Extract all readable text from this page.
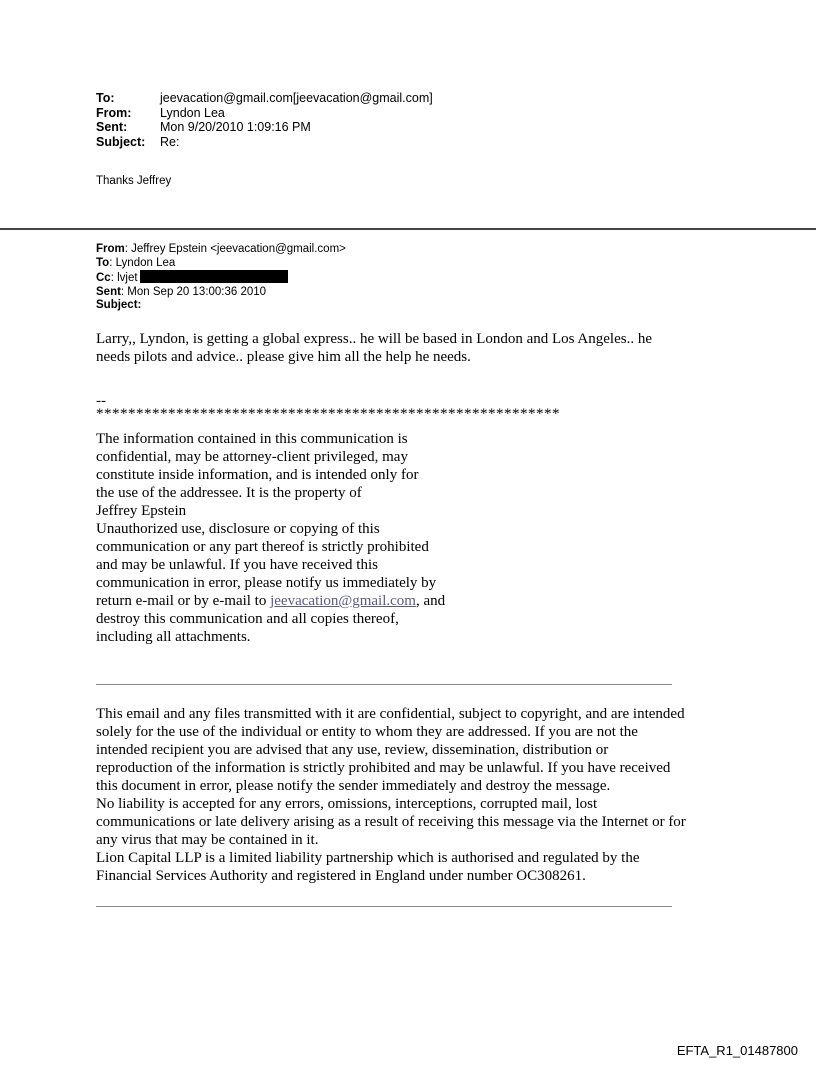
To:	jeevacation@gmail.com[jeevacation@gmail.com]
From:	Lyndon Lea
Sent:	Mon 9/20/2010 1:09:16 PM
Subject:	Re:
Thanks Jeffrey
From: Jeffrey Epstein <jeevacation@gmail.com>
To: Lyndon Lea
Cc: lvjet
Sent: Mon Sep 20 13:00:36 2010
Subject:
Larry,, Lyndon, is getting a global express.. he will be based in London and Los Angeles.. he
needs pilots and advice.. please give him all the help he needs.
--
**********************************************************
The information contained in this communication is
confidential, may be attorney-client privileged, may
constitute inside information, and is intended only for
the use of the addressee. It is the property of
Jeffrey Epstein
Unauthorized use, disclosure or copying of this
communication or any part thereof is strictly prohibited
and may be unlawful. If you have received this
communication in error, please notify us immediately by
return e-mail or by e-mail to jeevacation@gmail.com, and
destroy this communication and all copies thereof,
including all attachments.
This email and any files transmitted with it are confidential, subject to copyright, and are intended
solely for the use of the individual or entity to whom they are addressed. If you are not the
intended recipient you are advised that any use, review, dissemination, distribution or
reproduction of the information is strictly prohibited and may be unlawful. If you have received
this document in error, please notify the sender immediately and destroy the message.
No liability is accepted for any errors, omissions, interceptions, corrupted mail, lost
communications or late delivery arising as a result of receiving this message via the Internet or for
any virus that may be contained in it.
Lion Capital LLP is a limited liability partnership which is authorised and regulated by the
Financial Services Authority and registered in England under number OC308261.
EFTA_R1_01487800
